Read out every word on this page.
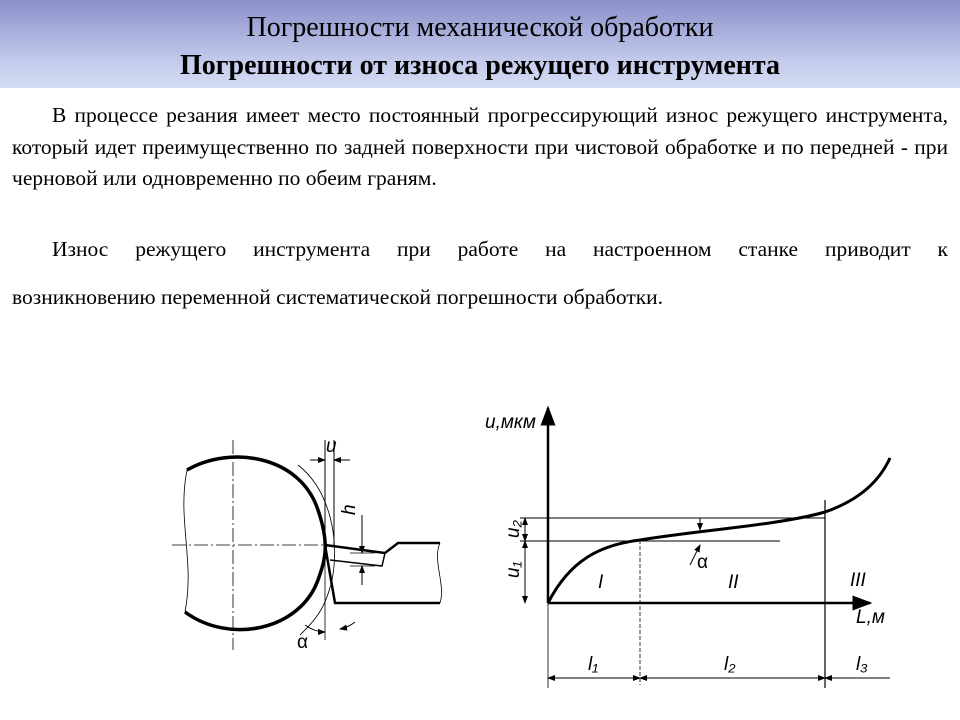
Погрешности механической обработки
Погрешности от износа режущего инструмента
В процессе резания имеет место постоянный прогрессирующий износ режущего инструмента, который идет преимущественно по задней поверхности при чистовой обработке и по передней - при черновой или одновременно по обеим граням.
Износ режущего инструмента при работе на настроенном станке приводит к
возникновению переменной систематической погрешности обработки.
u
h
α
u,мкм
L,м
u₂
u₁	α
I	II	III
l₁	l₂	l₃
